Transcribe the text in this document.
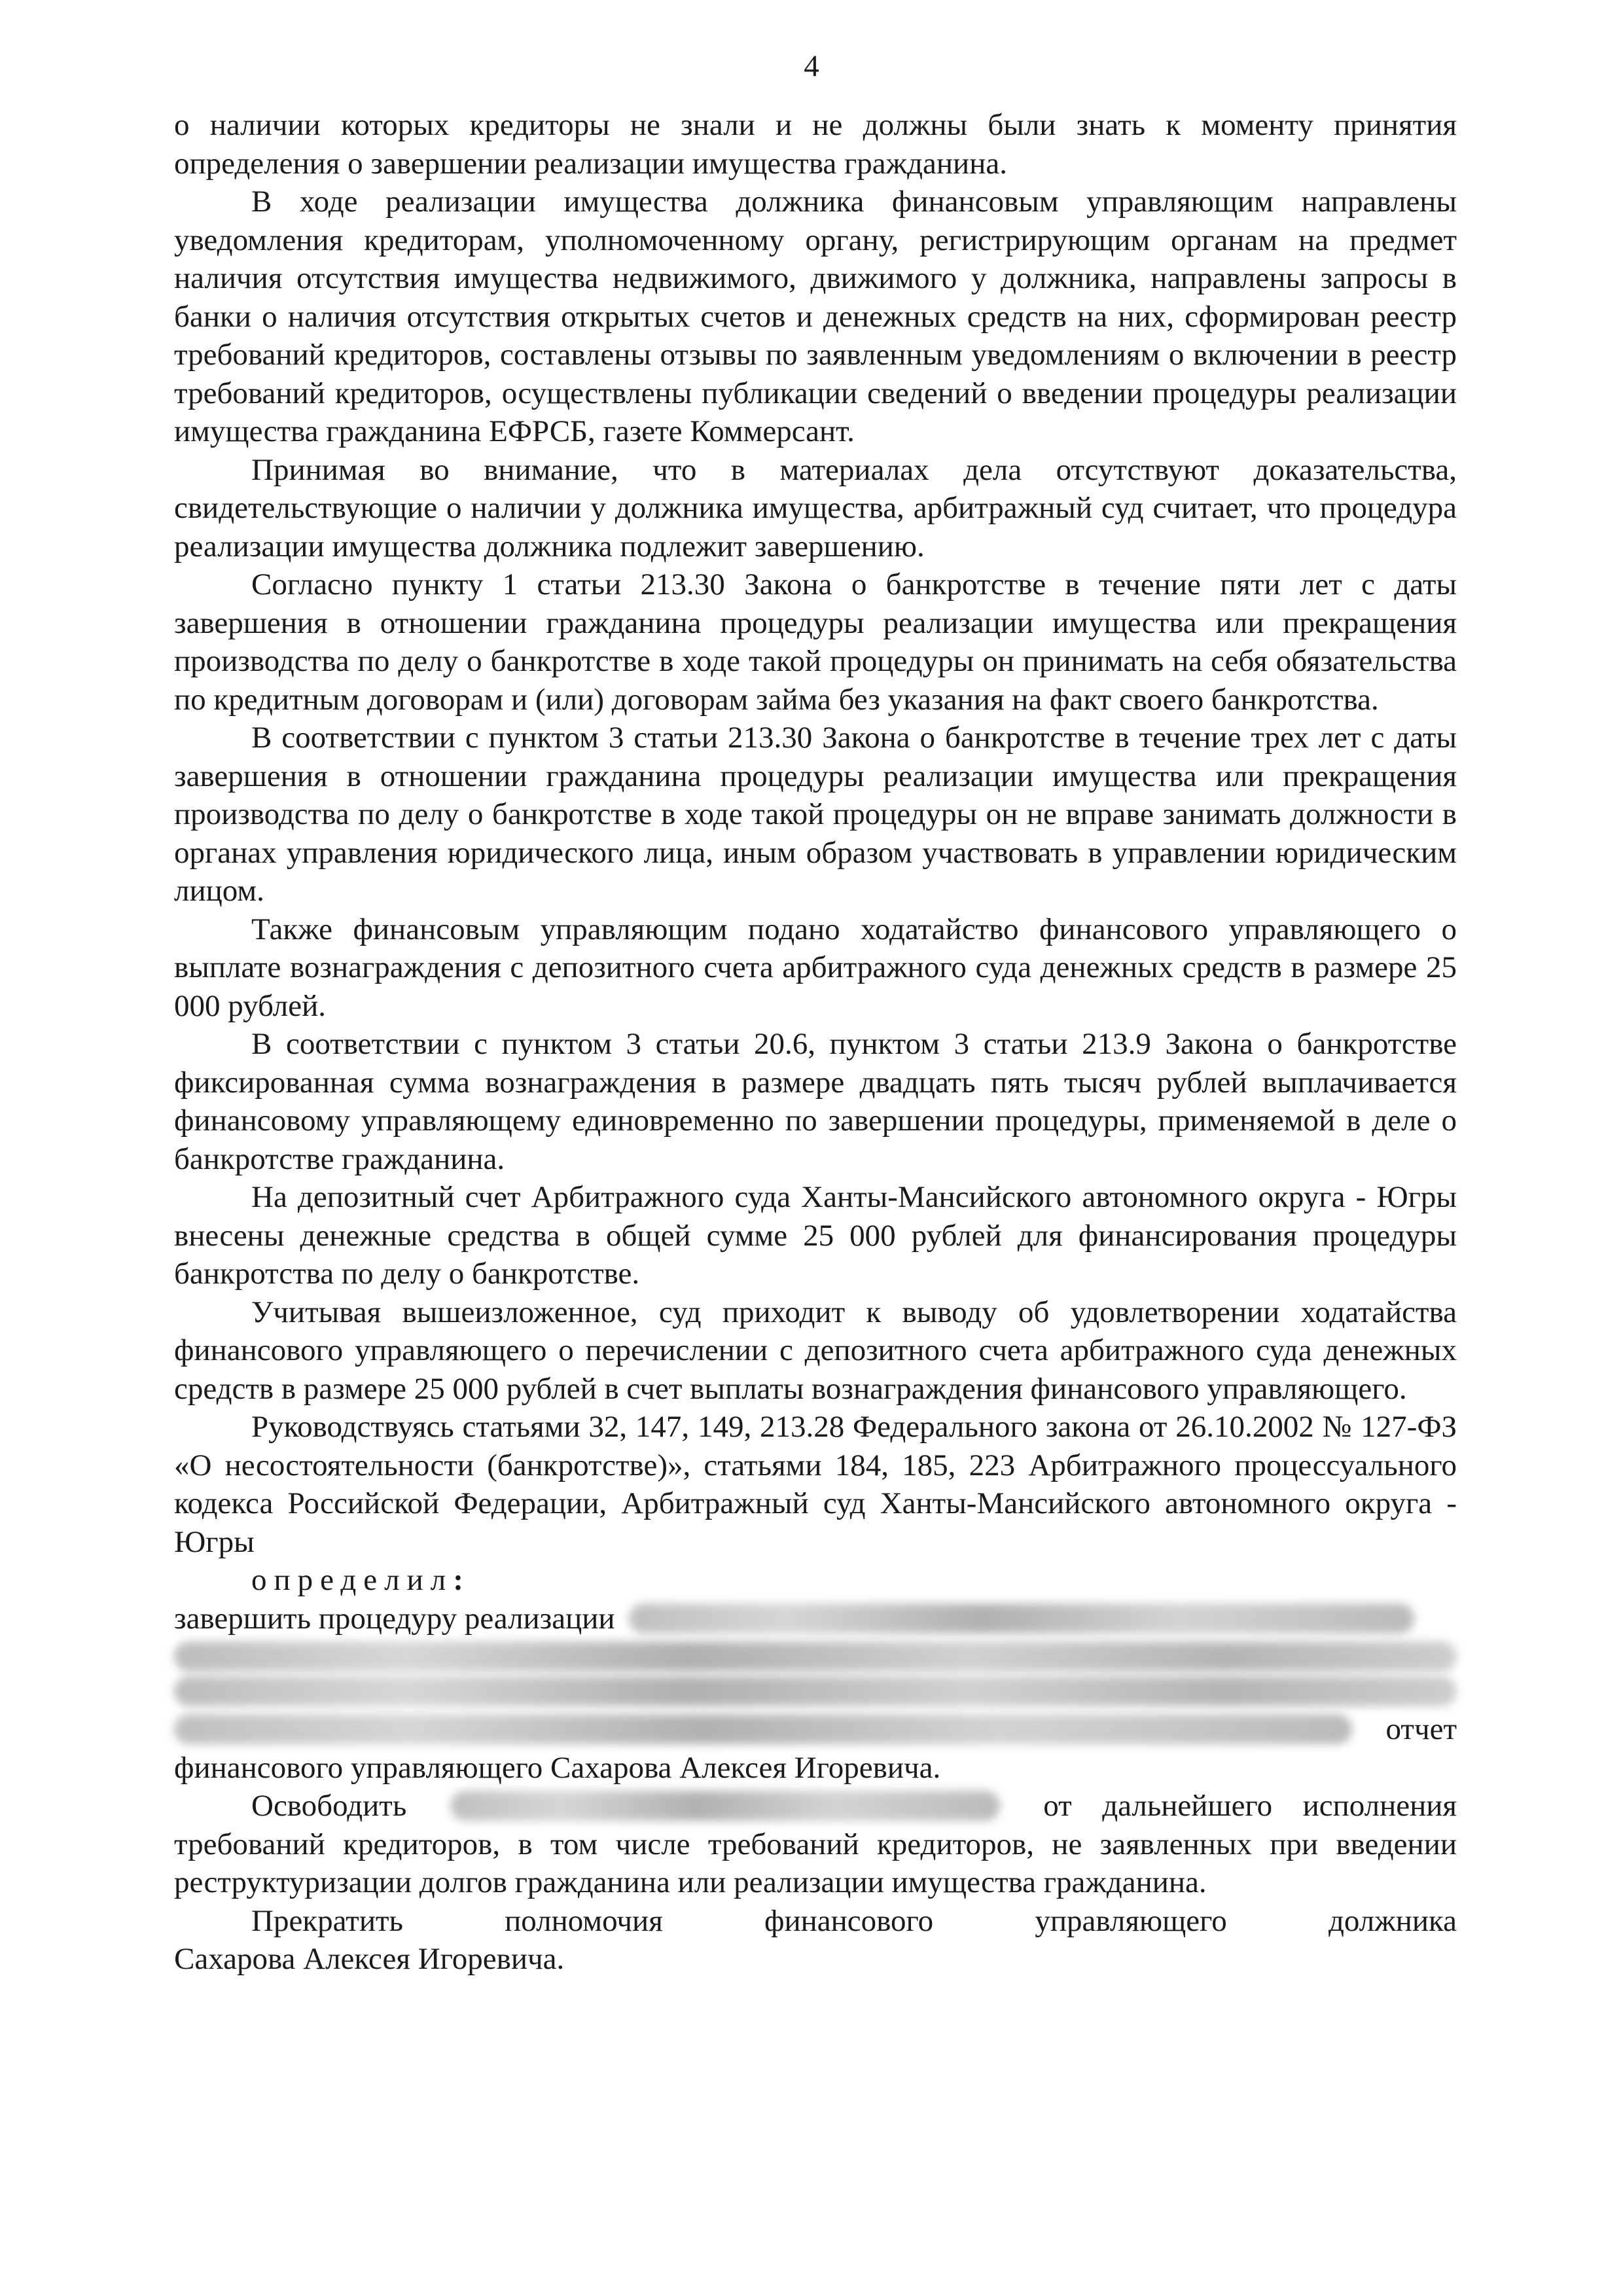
4

о наличии которых кредиторы не знали и не должны были знать к моменту принятия определения о завершении реализации имущества гражданина.

В ходе реализации имущества должника финансовым управляющим направлены уведомления кредиторам, уполномоченному органу, регистрирующим органам на предмет наличия отсутствия имущества недвижимого, движимого у должника, направлены запросы в банки о наличия отсутствия открытых счетов и денежных средств на них, сформирован реестр требований кредиторов, составлены отзывы по заявленным уведомлениям о включении в реестр требований кредиторов, осуществлены публикации сведений о введении процедуры реализации имущества гражданина ЕФРСБ, газете Коммерсант.

Принимая во внимание, что в материалах дела отсутствуют доказательства, свидетельствующие о наличии у должника имущества, арбитражный суд считает, что процедура реализации имущества должника подлежит завершению.

Согласно пункту 1 статьи 213.30 Закона о банкротстве в течение пяти лет с даты завершения в отношении гражданина процедуры реализации имущества или прекращения производства по делу о банкротстве в ходе такой процедуры он принимать на себя обязательства по кредитным договорам и (или) договорам займа без указания на факт своего банкротства.

В соответствии с пунктом 3 статьи 213.30 Закона о банкротстве в течение трех лет с даты завершения в отношении гражданина процедуры реализации имущества или прекращения производства по делу о банкротстве в ходе такой процедуры он не вправе занимать должности в органах управления юридического лица, иным образом участвовать в управлении юридическим лицом.

Также финансовым управляющим подано ходатайство финансового управляющего о выплате вознаграждения с депозитного счета арбитражного суда денежных средств в размере 25 000 рублей.

В соответствии с пунктом 3 статьи 20.6, пунктом 3 статьи 213.9 Закона о банкротстве фиксированная сумма вознаграждения в размере двадцать пять тысяч рублей выплачивается финансовому управляющему единовременно по завершении процедуры, применяемой в деле о банкротстве гражданина.

На депозитный счет Арбитражного суда Ханты-Мансийского автономного округа - Югры внесены денежные средства в общей сумме 25 000 рублей для финансирования процедуры банкротства по делу о банкротстве.

Учитывая вышеизложенное, суд приходит к выводу об удовлетворении ходатайства финансового управляющего о перечислении с депозитного счета арбитражного суда денежных средств в размере 25 000 рублей в счет выплаты вознаграждения финансового управляющего.

Руководствуясь статьями 32, 147, 149, 213.28 Федерального закона от 26.10.2002 № 127-ФЗ «О несостоятельности (банкротстве)», статьями 184, 185, 223 Арбитражного процессуального кодекса Российской Федерации, Арбитражный суд Ханты-Мансийского автономного округа - Югры

определил:

завершить процедуру реализации
отчет

финансового управляющего Сахарова Алексея Игоревича.

Освободить	от дальнейшего исполнения требований кредиторов, в том числе требований кредиторов, не заявленных при введении реструктуризации долгов гражданина или реализации имущества гражданина.

Прекратить полномочия финансового управляющего должника

Сахарова Алексея Игоревича.
